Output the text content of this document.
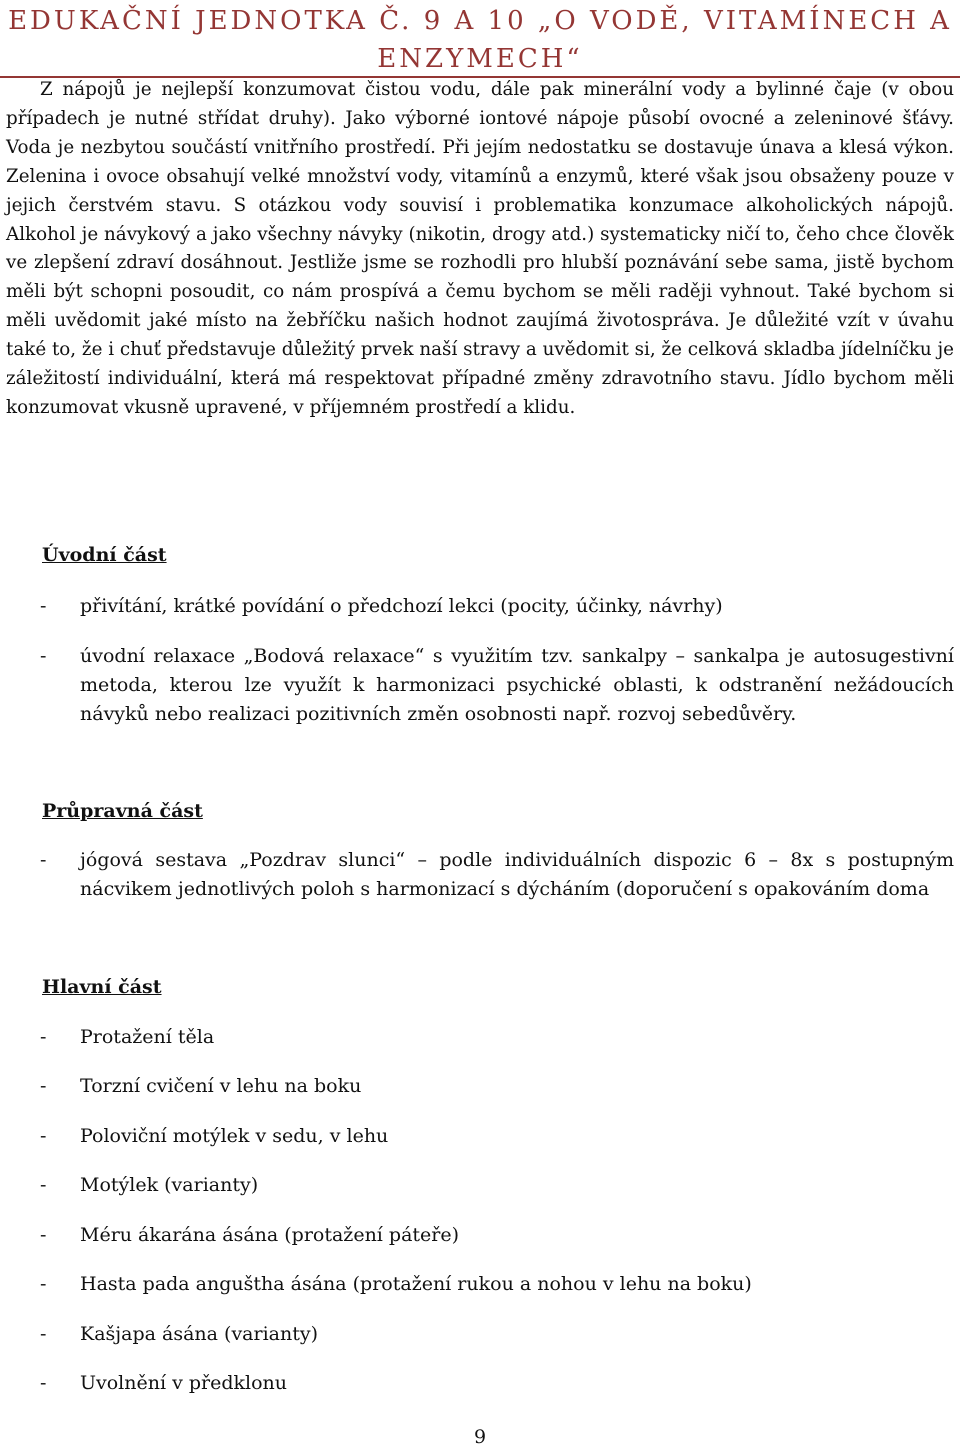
EDUKAČNÍ JEDNOTKA Č. 9 A 10 „O VODĚ, VITAMÍNECH A
ENZYMECH“

Z nápojů je nejlepší konzumovat čistou vodu, dále pak minerální vody a bylinné čaje (v obou případech je nutné střídat druhy). Jako výborné iontové nápoje působí ovocné a zeleninové šťávy. Voda je nezbytou součástí vnitřního prostředí. Při jejím nedostatku se dostavuje únava a klesá výkon. Zelenina i ovoce obsahují velké množství vody, vitamínů a enzymů, které však jsou obsaženy pouze v jejich čerstvém stavu. S otázkou vody souvisí i problematika konzumace alkoholických nápojů. Alkohol je návykový a jako všechny návyky (nikotin, drogy atd.) systematicky ničí to, čeho chce člověk ve zlepšení zdraví dosáhnout. Jestliže jsme se rozhodli pro hlubší poznávání sebe sama, jistě bychom měli být schopni posoudit, co nám prospívá a čemu bychom se měli raději vyhnout. Také bychom si měli uvědomit jaké místo na žebříčku našich hodnot zaujímá životospráva. Je důležité vzít v úvahu také to, že i chuť představuje důležitý prvek naší stravy a uvědomit si, že celková skladba jídelníčku je záležitostí individuální, která má respektovat případné změny zdravotního stavu. Jídlo bychom měli konzumovat vkusně upravené, v příjemném prostředí a klidu.

Úvodní část
- přivítání, krátké povídání o předchozí lekci (pocity, účinky, návrhy)
- úvodní relaxace „Bodová relaxace“ s využitím tzv. sankalpy – sankalpa je autosugestivní metoda, kterou lze využít k harmonizaci psychické oblasti, k odstranění nežádoucích návyků nebo realizaci pozitivních změn osobnosti např. rozvoj sebedůvěry.
Průpravná část
- jógová sestava „Pozdrav slunci“ – podle individuálních dispozic 6 – 8x s postupným nácvikem jednotlivých poloh s harmonizací s dýcháním (doporučení s opakováním doma
Hlavní část
- Protažení těla
- Torzní cvičení v lehu na boku
- Poloviční motýlek v sedu, v lehu
- Motýlek (varianty)
- Méru ákarána ásána (protažení páteře)
- Hasta pada anguštha ásána (protažení rukou a nohou v lehu na boku)
- Kašjapa ásána (varianty)
- Uvolnění v předklonu
9
